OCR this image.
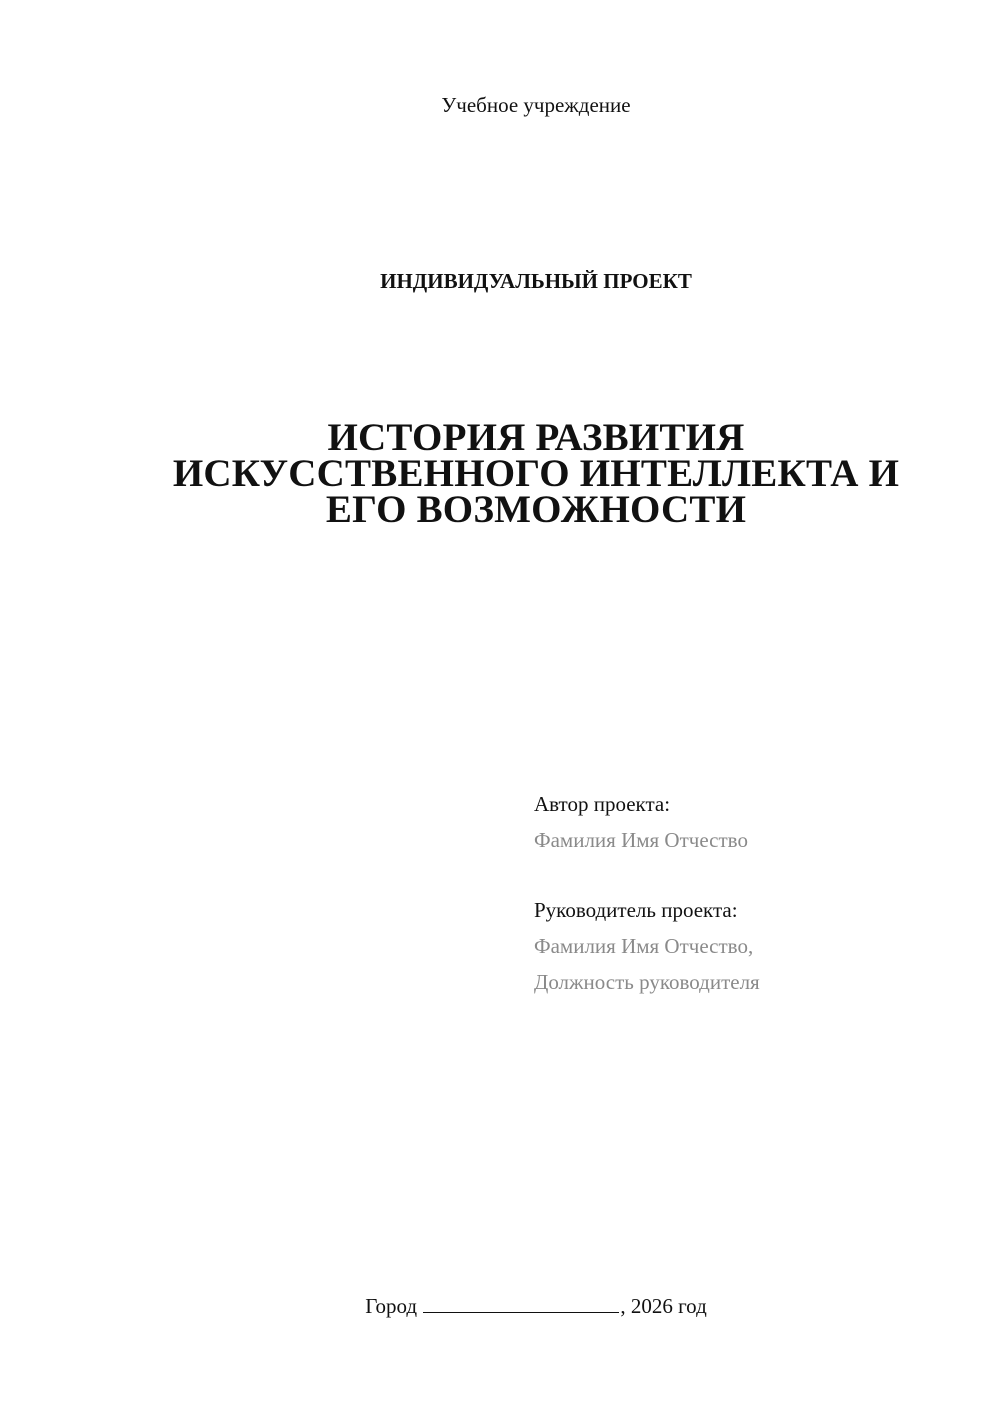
Учебное учреждение
ИНДИВИДУАЛЬНЫЙ ПРОЕКТ
ИСТОРИЯ РАЗВИТИЯ
ИСКУССТВЕННОГО ИНТЕЛЛЕКТА И
ЕГО ВОЗМОЖНОСТИ
Автор проекта:
Фамилия Имя Отчество
Руководитель проекта:
Фамилия Имя Отчество,
Должность руководителя
Город	, 2026 год
